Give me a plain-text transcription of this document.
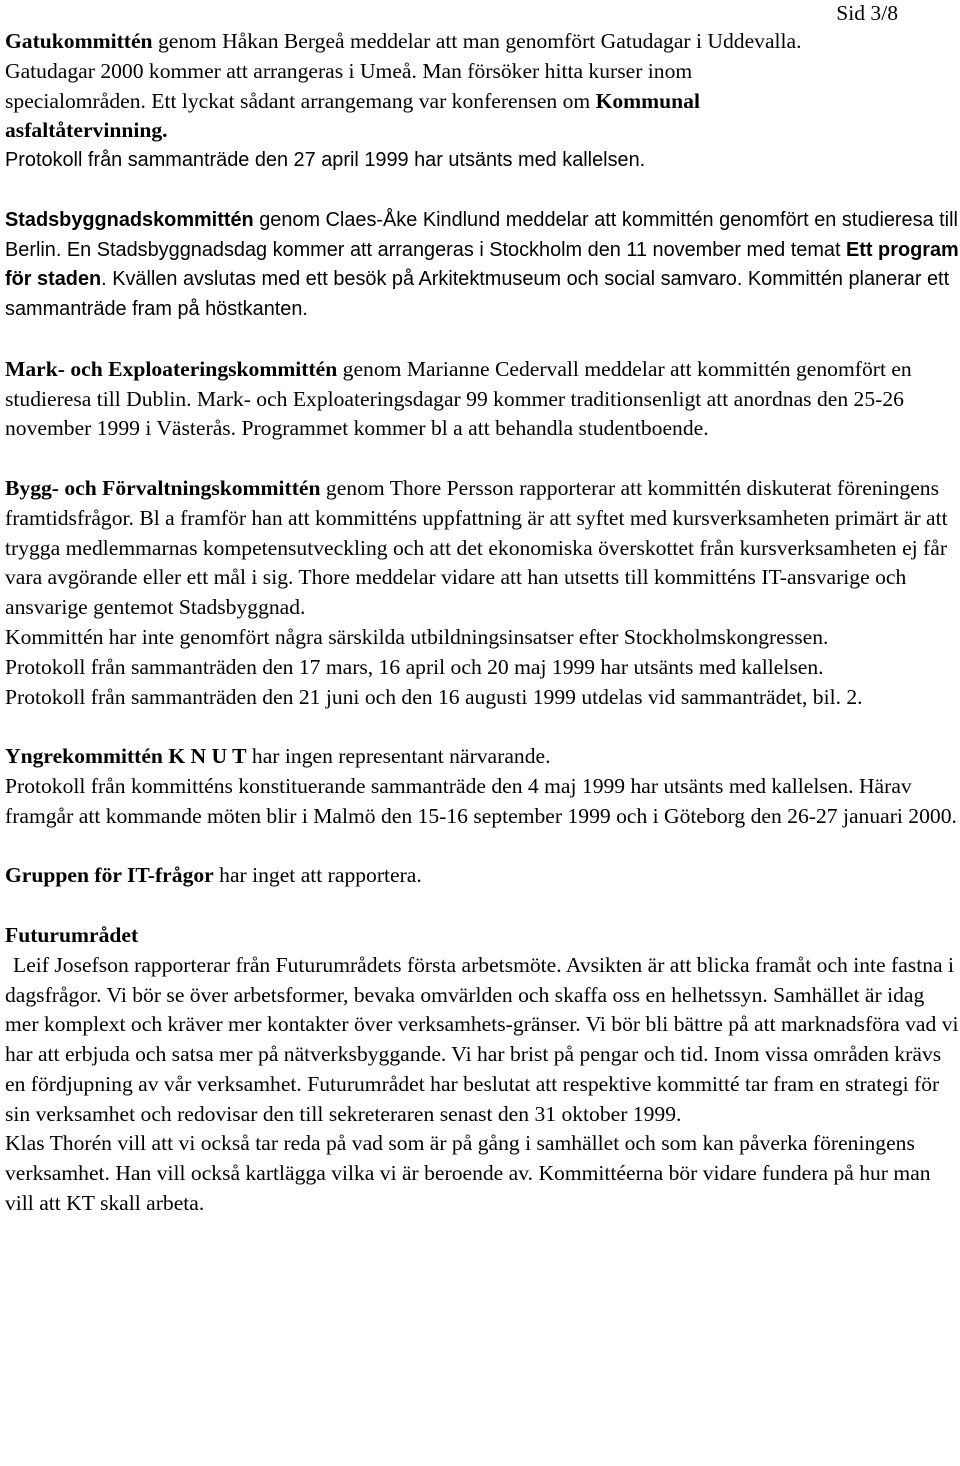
Sid 3/8

Gatukommittén genom Håkan Bergeå meddelar att man genomfört Gatudagar i Uddevalla.

Gatudagar 2000 kommer att arrangeras i Umeå. Man försöker hitta kurser inom specialområden. Ett lyckat sådant arrangemang var konferensen om Kommunal asfaltåtervinning.

Protokoll från sammanträde den 27 april 1999 har utsänts med kallelsen.

Stadsbyggnadskommittén genom Claes-Åke Kindlund meddelar att kommittén genomfört en studieresa till Berlin. En Stadsbyggnadsdag kommer att arrangeras i Stockholm den 11 november med temat Ett program för staden. Kvällen avslutas med ett besök på Arkitektmuseum och social samvaro. Kommittén planerar ett sammanträde fram på höstkanten.

Mark- och Exploateringskommittén genom Marianne Cedervall meddelar att kommittén genomfört en studieresa till Dublin. Mark- och Exploateringsdagar 99 kommer traditionsenligt att anordnas den 25-26 november 1999 i Västerås. Programmet kommer bl a att behandla studentboende.

Bygg- och Förvaltningskommittén genom Thore Persson rapporterar att kommittén diskuterat föreningens framtidsfrågor. Bl a framför han att kommitténs uppfattning är att syftet med kursverksamheten primärt är att trygga medlemmarnas kompetensutveckling och att det ekonomiska överskottet från kursverksamheten ej får vara avgörande eller ett mål i sig. Thore meddelar vidare att han utsetts till kommitténs IT-ansvarige och ansvarige gentemot Stadsbyggnad.

Kommittén har inte genomfört några särskilda utbildningsinsatser efter Stockholmskongressen.

Protokoll från sammanträden den 17 mars, 16 april och 20 maj 1999 har utsänts med kallelsen.

Protokoll från sammanträden den 21 juni och den 16 augusti 1999 utdelas vid sammanträdet, bil. 2.

Yngrekommittén K N U T har ingen representant närvarande.

Protokoll från kommitténs konstituerande sammanträde den 4 maj 1999 har utsänts med kallelsen. Härav framgår att kommande möten blir i Malmö den 15-16 september 1999 och i Göteborg den 26-27 januari 2000.

Gruppen för IT-frågor har inget att rapportera.

Futurumrådet

Leif Josefson rapporterar från Futurumrådets första arbetsmöte. Avsikten är att blicka framåt och inte fastna i dagsfrågor. Vi bör se över arbetsformer, bevaka omvärlden och skaffa oss en helhetssyn. Samhället är idag mer komplext och kräver mer kontakter över verksamhets-gränser. Vi bör bli bättre på att marknadsföra vad vi har att erbjuda och satsa mer på nätverksbyggande. Vi har brist på pengar och tid. Inom vissa områden krävs en fördjupning av vår verksamhet. Futurumrådet har beslutat att respektive kommitté tar fram en strategi för sin verksamhet och redovisar den till sekreteraren senast den 31 oktober 1999.

Klas Thorén vill att vi också tar reda på vad som är på gång i samhället och som kan påverka föreningens verksamhet. Han vill också kartlägga vilka vi är beroende av. Kommittéerna bör vidare fundera på hur man vill att KT skall arbeta.
